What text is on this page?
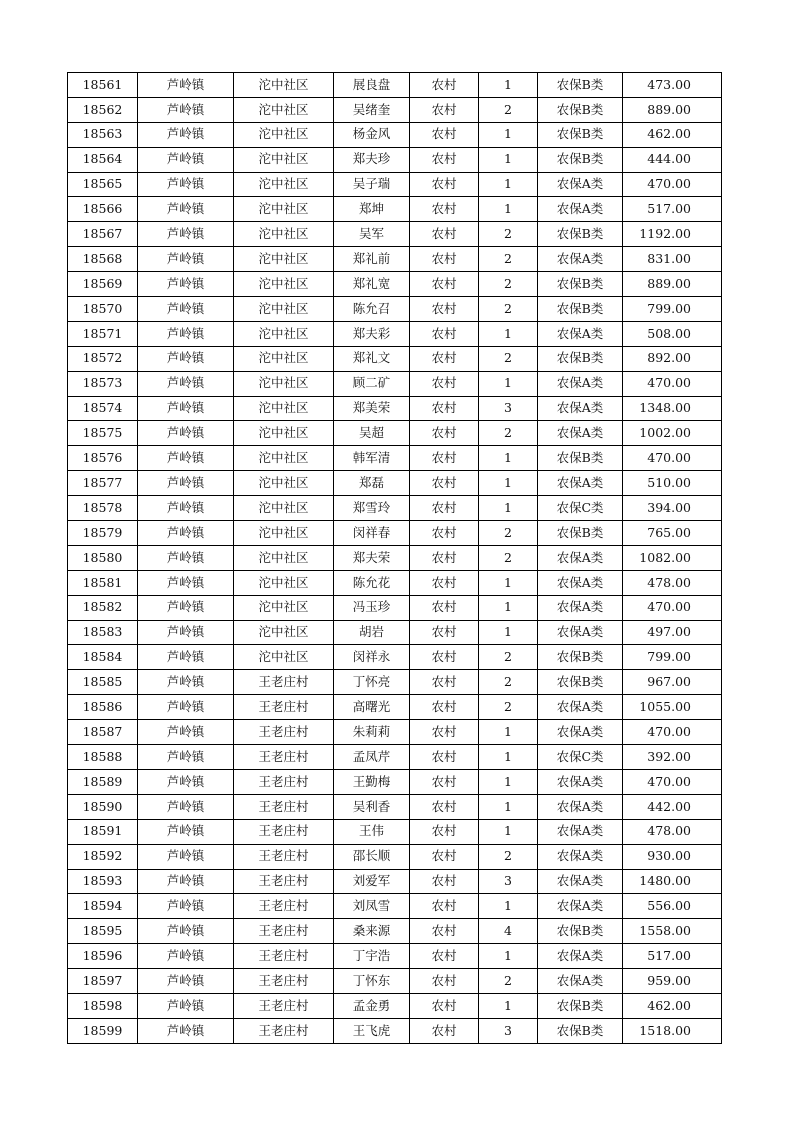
18561	芦岭镇	沱中社区	展良盘	农村	1	农保B类	473.00
18562	芦岭镇	沱中社区	吴绪奎	农村	2	农保B类	889.00
18563	芦岭镇	沱中社区	杨金风	农村	1	农保B类	462.00
18564	芦岭镇	沱中社区	郑夫珍	农村	1	农保B类	444.00
18565	芦岭镇	沱中社区	吴子瑞	农村	1	农保A类	470.00
18566	芦岭镇	沱中社区	郑坤	农村	1	农保A类	517.00
18567	芦岭镇	沱中社区	吴军	农村	2	农保B类	1192.00
18568	芦岭镇	沱中社区	郑礼前	农村	2	农保A类	831.00
18569	芦岭镇	沱中社区	郑礼宽	农村	2	农保B类	889.00
18570	芦岭镇	沱中社区	陈允召	农村	2	农保B类	799.00
18571	芦岭镇	沱中社区	郑夫彩	农村	1	农保A类	508.00
18572	芦岭镇	沱中社区	郑礼文	农村	2	农保B类	892.00
18573	芦岭镇	沱中社区	顾二矿	农村	1	农保A类	470.00
18574	芦岭镇	沱中社区	郑美荣	农村	3	农保A类	1348.00
18575	芦岭镇	沱中社区	吴超	农村	2	农保A类	1002.00
18576	芦岭镇	沱中社区	韩军清	农村	1	农保B类	470.00
18577	芦岭镇	沱中社区	郑磊	农村	1	农保A类	510.00
18578	芦岭镇	沱中社区	郑雪玲	农村	1	农保C类	394.00
18579	芦岭镇	沱中社区	闵祥春	农村	2	农保B类	765.00
18580	芦岭镇	沱中社区	郑夫荣	农村	2	农保A类	1082.00
18581	芦岭镇	沱中社区	陈允花	农村	1	农保A类	478.00
18582	芦岭镇	沱中社区	冯玉珍	农村	1	农保A类	470.00
18583	芦岭镇	沱中社区	胡岩	农村	1	农保A类	497.00
18584	芦岭镇	沱中社区	闵祥永	农村	2	农保B类	799.00
18585	芦岭镇	王老庄村	丁怀亮	农村	2	农保B类	967.00
18586	芦岭镇	王老庄村	高曙光	农村	2	农保A类	1055.00
18587	芦岭镇	王老庄村	朱莉莉	农村	1	农保A类	470.00
18588	芦岭镇	王老庄村	孟凤芹	农村	1	农保C类	392.00
18589	芦岭镇	王老庄村	王勤梅	农村	1	农保A类	470.00
18590	芦岭镇	王老庄村	吴利香	农村	1	农保A类	442.00
18591	芦岭镇	王老庄村	王伟	农村	1	农保A类	478.00
18592	芦岭镇	王老庄村	邵长顺	农村	2	农保A类	930.00
18593	芦岭镇	王老庄村	刘爱军	农村	3	农保A类	1480.00
18594	芦岭镇	王老庄村	刘凤雪	农村	1	农保A类	556.00
18595	芦岭镇	王老庄村	桑来源	农村	4	农保B类	1558.00
18596	芦岭镇	王老庄村	丁宇浩	农村	1	农保A类	517.00
18597	芦岭镇	王老庄村	丁怀东	农村	2	农保A类	959.00
18598	芦岭镇	王老庄村	孟金勇	农村	1	农保B类	462.00
18599	芦岭镇	王老庄村	王飞虎	农村	3	农保B类	1518.00
